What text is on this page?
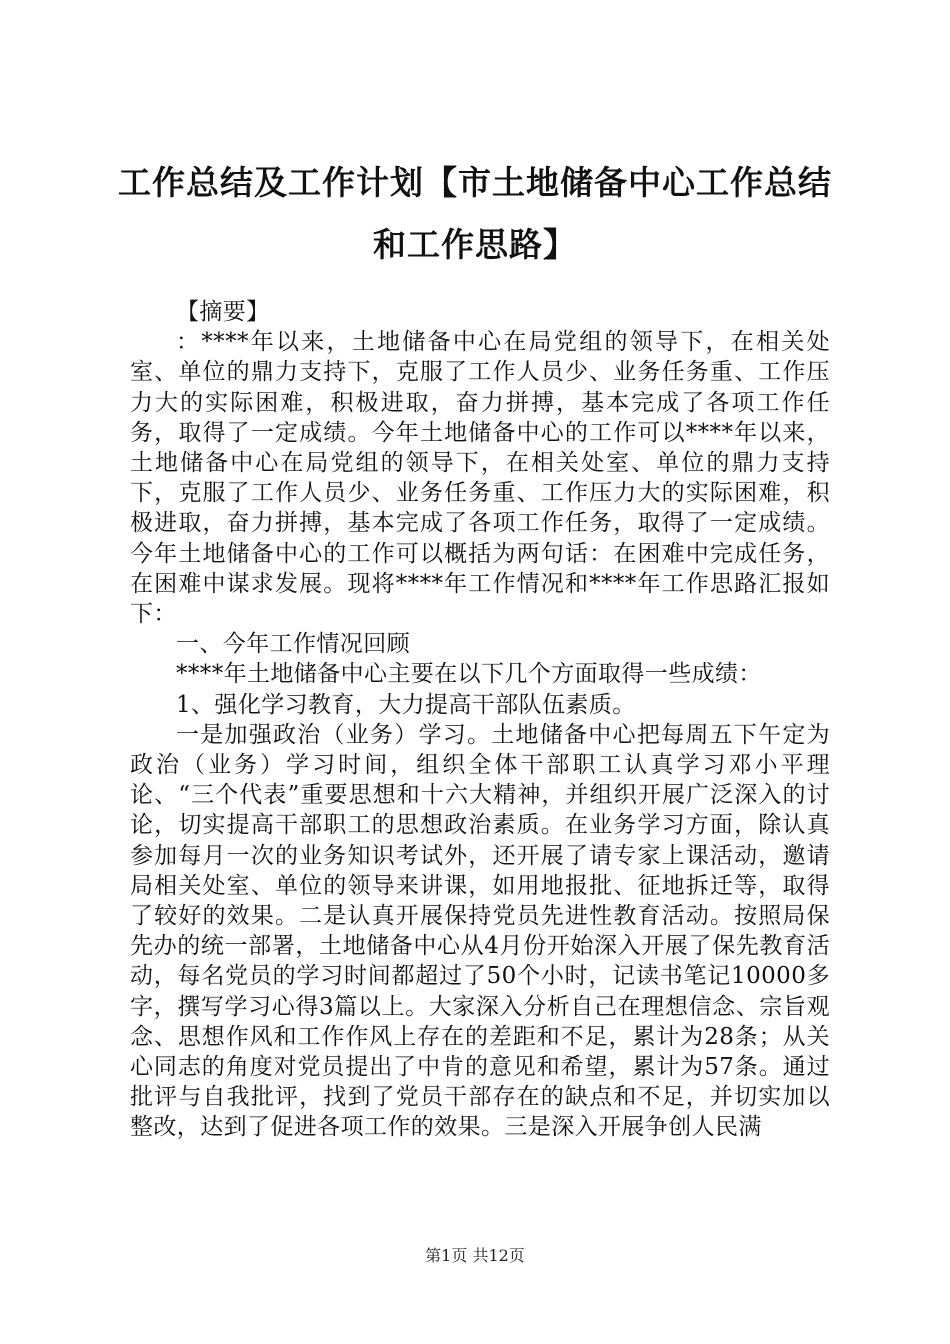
工作总结及工作计划【市土地储备中心工作总结和工作思路】

【摘要】

：****年以来，土地储备中心在局党组的领导下，在相关处室、单位的鼎力支持下，克服了工作人员少、业务任务重、工作压力大的实际困难，积极进取，奋力拼搏，基本完成了各项工作任务，取得了一定成绩。今年土地储备中心的工作可以****年以来，土地储备中心在局党组的领导下，在相关处室、单位的鼎力支持下，克服了工作人员少、业务任务重、工作压力大的实际困难，积极进取，奋力拼搏，基本完成了各项工作任务，取得了一定成绩。今年土地储备中心的工作可以概括为两句话：在困难中完成任务，在困难中谋求发展。现将****年工作情况和****年工作思路汇报如下：

一、今年工作情况回顾

****年土地储备中心主要在以下几个方面取得一些成绩：

1、强化学习教育，大力提高干部队伍素质。

一是加强政治（业务）学习。土地储备中心把每周五下午定为政治（业务）学习时间，组织全体干部职工认真学习邓小平理论、“三个代表”重要思想和十六大精神，并组织开展广泛深入的讨论，切实提高干部职工的思想政治素质。在业务学习方面，除认真参加每月一次的业务知识考试外，还开展了请专家上课活动，邀请局相关处室、单位的领导来讲课，如用地报批、征地拆迁等，取得了较好的效果。二是认真开展保持党员先进性教育活动。按照局保先办的统一部署，土地储备中心从4月份开始深入开展了保先教育活动，每名党员的学习时间都超过了50个小时，记读书笔记10000多字，撰写学习心得3篇以上。大家深入分析自己在理想信念、宗旨观念、思想作风和工作作风上存在的差距和不足，累计为28条；从关心同志的角度对党员提出了中肯的意见和希望，累计为57条。通过批评与自我批评，找到了党员干部存在的缺点和不足，并切实加以整改，达到了促进各项工作的效果。三是深入开展争创人民满

第1页 共12页
